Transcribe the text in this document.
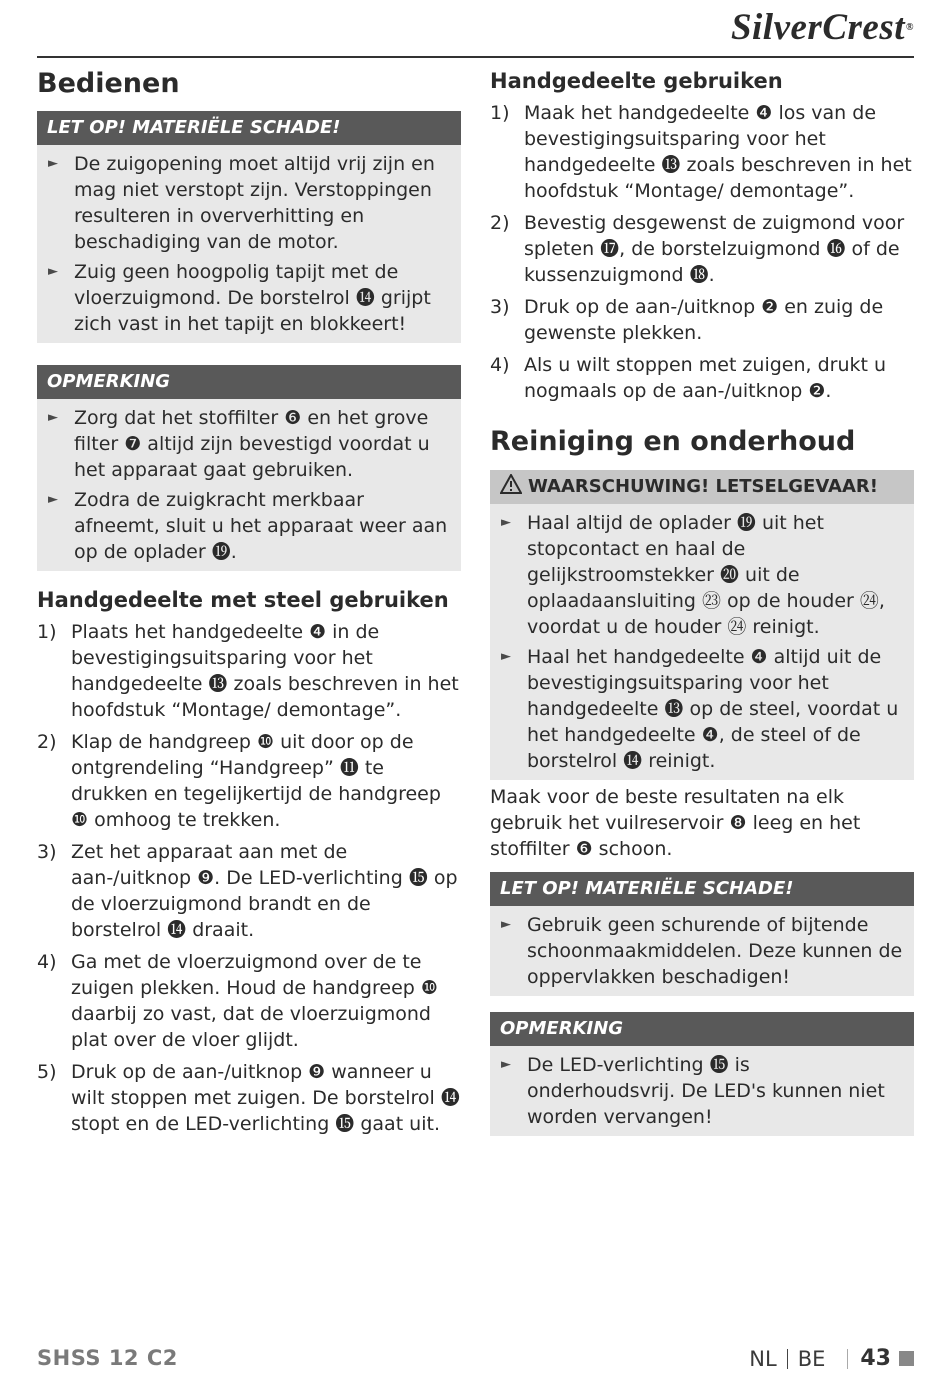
SilverCrest®
Bedienen
LET OP! MATERIËLE SCHADE!
► De zuigopening moet altijd vrij zijn en mag niet verstopt zijn. Verstoppingen resulteren in oververhitting en beschadiging van de motor.
► Zuig geen hoogpolig tapijt met de vloerzuigmond. De borstelrol ⓮ grijpt zich vast in het tapijt en blokkeert!
OPMERKING
► Zorg dat het stoffilter ❻ en het grove filter ❼ altijd zijn bevestigd voordat u het apparaat gaat gebruiken.
► Zodra de zuigkracht merkbaar afneemt, sluit u het apparaat weer aan op de oplader ⓳.
Handgedeelte met steel gebruiken
1) Plaats het handgedeelte ❹ in de bevestigingsuitsparing voor het handgedeelte ⓭ zoals beschreven in het hoofdstuk “Montage/ demontage”.
2) Klap de handgreep ❿ uit door op de ontgrendeling “Handgreep” ⓫ te drukken en tegelijkertijd de handgreep ❿ omhoog te trekken.
3) Zet het apparaat aan met de aan-/uitknop ❾. De LED-verlichting ⓯ op de vloerzuigmond brandt en de borstelrol ⓮ draait.
4) Ga met de vloerzuigmond over de te zuigen plekken. Houd de handgreep ❿ daarbij zo vast, dat de vloerzuigmond plat over de vloer glijdt.
5) Druk op de aan-/uitknop ❾ wanneer u wilt stoppen met zuigen. De borstelrol ⓮ stopt en de LED-verlichting ⓯ gaat uit.
Handgedeelte gebruiken
1) Maak het handgedeelte ❹ los van de bevestigingsuitsparing voor het handgedeelte ⓭ zoals beschreven in het hoofdstuk “Montage/ demontage”.
2) Bevestig desgewenst de zuigmond voor spleten ⓱, de borstelzuigmond ⓰ of de kussenzuigmond ⓲.
3) Druk op de aan-/uitknop ❷ en zuig de gewenste plekken.
4) Als u wilt stoppen met zuigen, drukt u nogmaals op de aan-/uitknop ❷.
Reiniging en onderhoud
WAARSCHUWING! LETSELGEVAAR!
► Haal altijd de oplader ⓳ uit het stopcontact en haal de gelijkstroomstekker ⓴ uit de oplaadaansluiting ㉓ op de houder ㉔, voordat u de houder ㉔ reinigt.
► Haal het handgedeelte ❹ altijd uit de bevestigingsuitsparing voor het handgedeelte ⓭ op de steel, voordat u het handgedeelte ❹, de steel of de borstelrol ⓮ reinigt.
Maak voor de beste resultaten na elk gebruik het vuilreservoir ❽ leeg en het stoffilter ❻ schoon.
LET OP! MATERIËLE SCHADE!
► Gebruik geen schurende of bijtende schoonmaakmiddelen. Deze kunnen de oppervlakken beschadigen!
OPMERKING
► De LED-verlichting ⓯ is onderhoudsvrij. De LED's kunnen niet worden vervangen!
SHSS 12 C2	NL BE 43
